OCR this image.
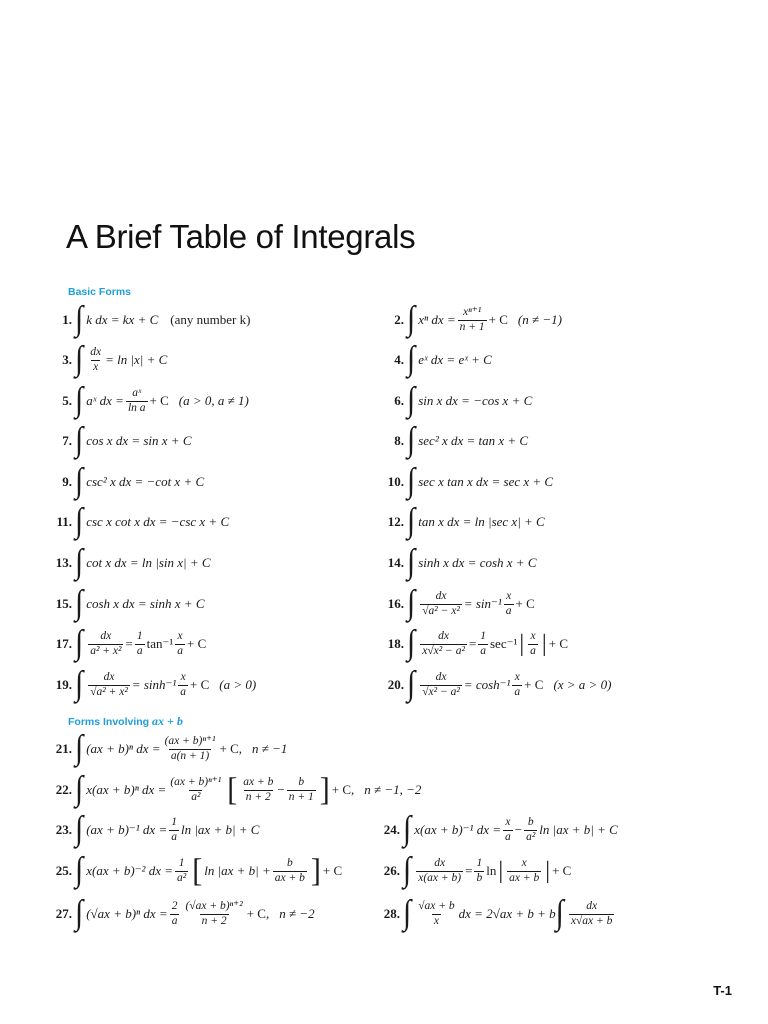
A Brief Table of Integrals
Basic Forms
1. ∫ k dx = kx + C (any number k)	2. ∫ xⁿ dx = $\frac{\text{xⁿ⁺¹}}{n + 1} + C$ (n ≠ −1)
3. ∫ $\frac{dx}{x} = \ln |x| + C$	4. ∫ eˣ dx = eˣ + C
5. ∫ aˣ dx = $\frac{\text{aˣ}}{\text{ln a}} + C$ (a > 0, a ≠ 1)	6. ∫ sin x dx = −cos x + C
7. ∫ cos x dx = sin x + C	8. ∫ sec² x dx = tan x + C
9. ∫ csc² x dx = −cot x + C	10. ∫ sec x tan x dx = sec x + C
11. ∫ csc x cot x dx = −csc x + C	12. ∫ tan x dx = ln |sec x| + C
13. ∫ cot x dx = ln |sin x| + C	14. ∫ sinh x dx = cosh x + C
15. ∫ cosh x dx = sinh x + C	16. ∫ $\frac{dx}{\text{√a² − x²}} = \sin^{-1} \frac{x}{a} + C$
17. ∫ $\frac{dx}{\text{a² + x²}} = \frac{1}{a} \tan^{-1} \frac{x}{a} + C$	18. ∫ $\frac{dx}{\text{x√x² − a²}} = \frac{1}{a} \sec^{-1}$ | $\frac{x}{a}$ | + C
19. ∫ $\frac{dx}{\text{√a² + x²}} = \sinh^{-1} \frac{x}{a} + C$ (a > 0)	20. ∫ $\frac{dx}{\text{√x² − a²}} = \cosh^{-1} \frac{x}{a} + C$ (x > a > 0)
Forms Involving ax + b
21. ∫ (ax + b)ⁿ dx = $\frac{\text{(ax + b)ⁿ⁺¹}}{a(n + 1)} + C$, n ≠ −1
22. ∫ x(ax + b)ⁿ dx = $\frac{\text{(ax + b)ⁿ⁺¹}}{\text{a²}}$ [ $\frac{ax + b}{n + 2} - \frac{b}{n + 1}$ ] + C, n ≠ −1, −2
23. ∫ (ax + b)⁻¹ dx = $\frac{1}{a}$ ln |ax + b| + C	24. ∫ x(ax + b)⁻¹ dx = $\frac{x}{a} - \frac{b}{\text{a²}}$ ln |ax + b| + C
25. ∫ x(ax + b)⁻² dx = $\frac{1}{\text{a²}}$ [ $\ln |ax + b| + \frac{b}{ax + b}$ ] + C	26. ∫ $\frac{dx}{x(ax + b)} = \frac{1}{b}$ ln | $\frac{x}{ax + b}$ | + C
27. ∫ (√ax + b)ⁿ dx = $\frac{2}{a} \frac{\text{(√ax + b)ⁿ⁺²}}{n + 2} + C$, n ≠ −2	28. ∫ $\frac{√ax + b}{x}$ dx = 2√ax + b + b ∫ $\frac{dx}{x√ax + b}$
T-1
